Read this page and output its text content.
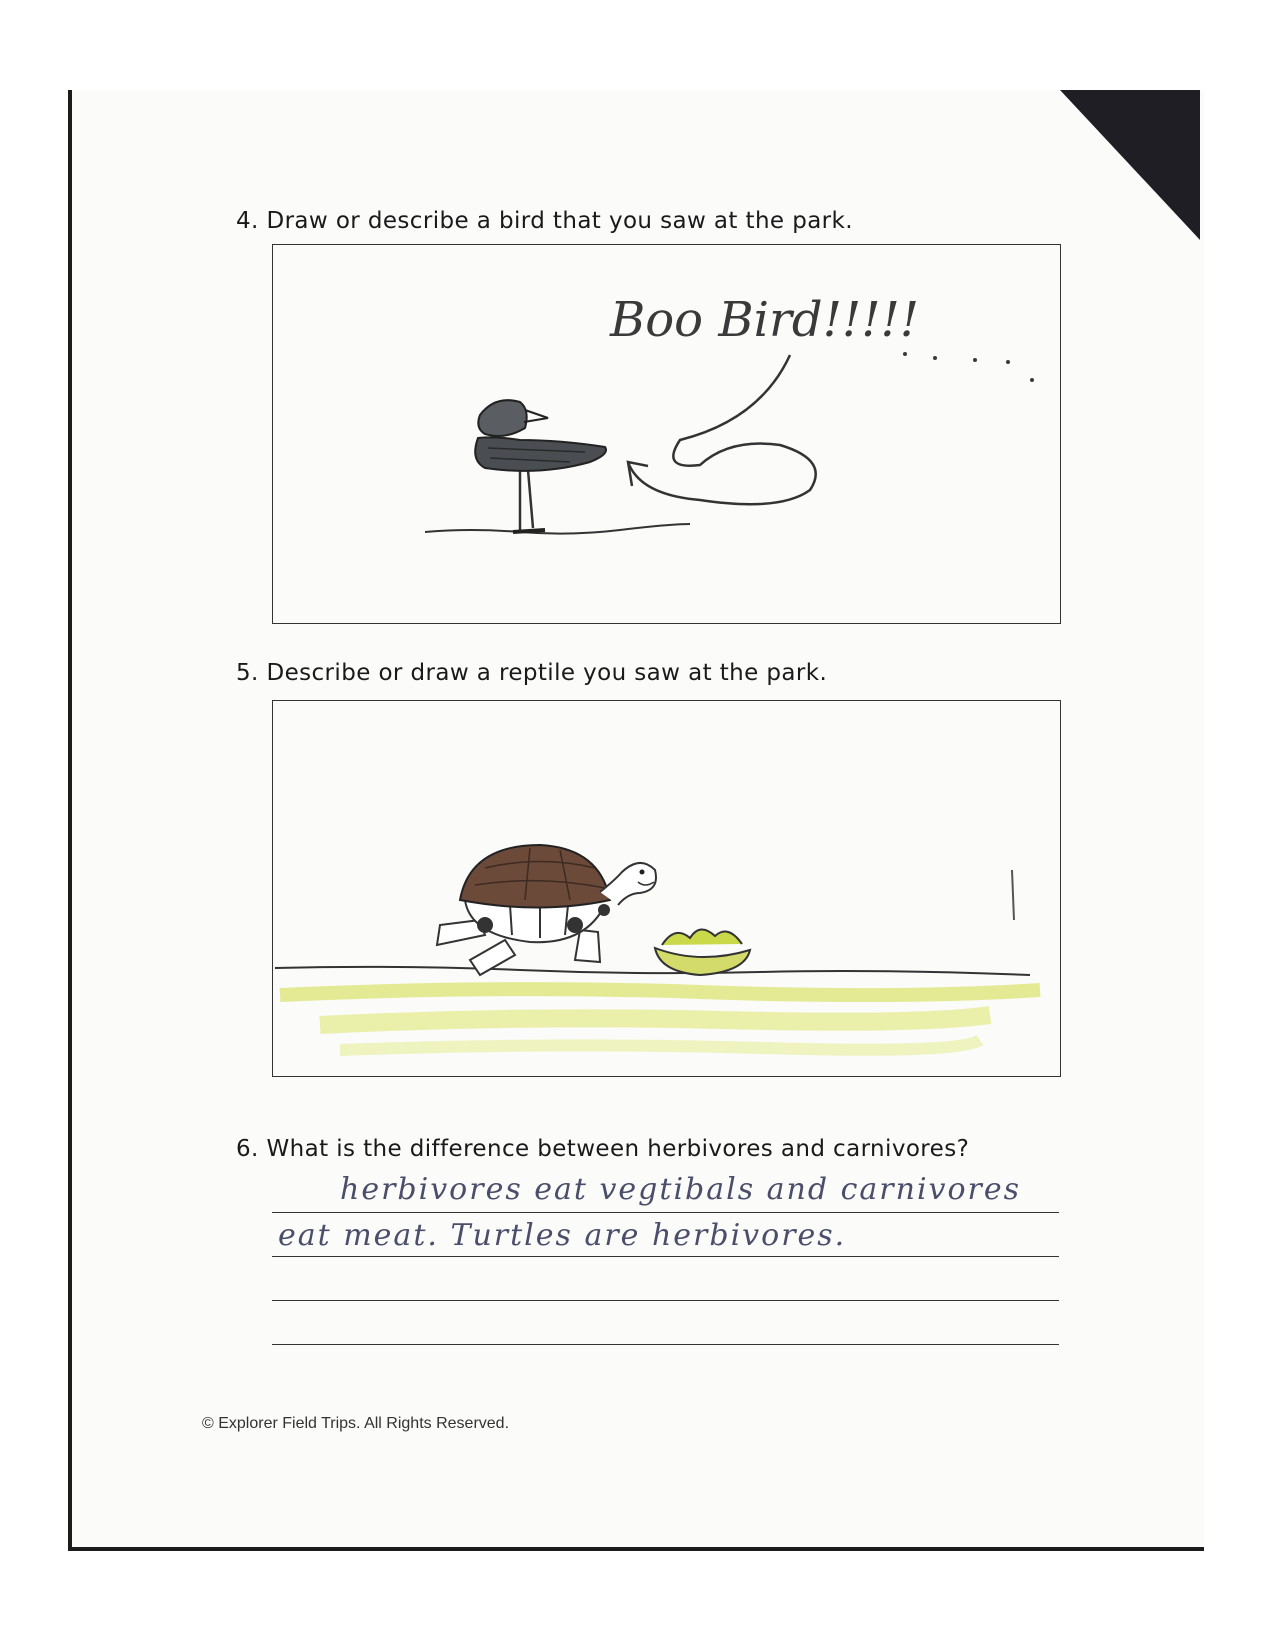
4. Draw or describe a bird that you saw at the park.
Boo Bird!!!!!
5. Describe or draw a reptile you saw at the park.
6. What is the difference between herbivores and carnivores?
herbivores eat vegtibals and carnivores
eat meat. Turtles are herbivores.
© Explorer Field Trips. All Rights Reserved.
